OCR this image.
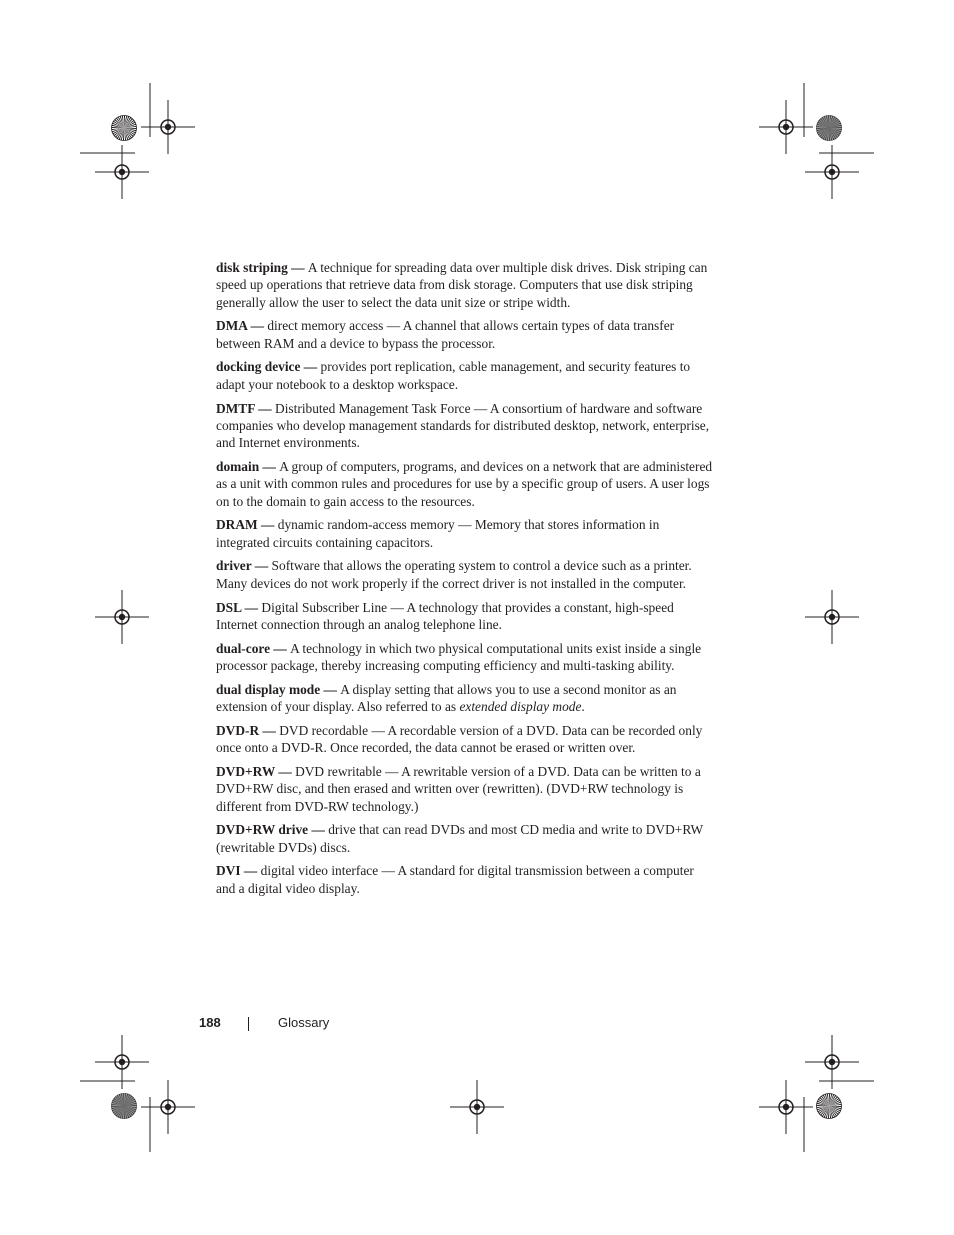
disk striping — A technique for spreading data over multiple disk drives. Disk striping can speed up operations that retrieve data from disk storage. Computers that use disk striping generally allow the user to select the data unit size or stripe width.

DMA — direct memory access — A channel that allows certain types of data transfer between RAM and a device to bypass the processor.

docking device — provides port replication, cable management, and security features to adapt your notebook to a desktop workspace.

DMTF — Distributed Management Task Force — A consortium of hardware and software companies who develop management standards for distributed desktop, network, enterprise, and Internet environments.

domain — A group of computers, programs, and devices on a network that are administered as a unit with common rules and procedures for use by a specific group of users. A user logs on to the domain to gain access to the resources.

DRAM — dynamic random-access memory — Memory that stores information in integrated circuits containing capacitors.

driver — Software that allows the operating system to control a device such as a printer. Many devices do not work properly if the correct driver is not installed in the computer.

DSL — Digital Subscriber Line — A technology that provides a constant, high-speed Internet connection through an analog telephone line.

dual-core — A technology in which two physical computational units exist inside a single processor package, thereby increasing computing efficiency and multi-tasking ability.

dual display mode — A display setting that allows you to use a second monitor as an extension of your display. Also referred to as extended display mode.

DVD-R — DVD recordable — A recordable version of a DVD. Data can be recorded only once onto a DVD-R. Once recorded, the data cannot be erased or written over.

DVD+RW — DVD rewritable — A rewritable version of a DVD. Data can be written to a DVD+RW disc, and then erased and written over (rewritten). (DVD+RW technology is different from DVD-RW technology.)

DVD+RW drive — drive that can read DVDs and most CD media and write to DVD+RW (rewritable DVDs) discs.

DVI — digital video interface — A standard for digital transmission between a computer and a digital video display.

188	Glossary
